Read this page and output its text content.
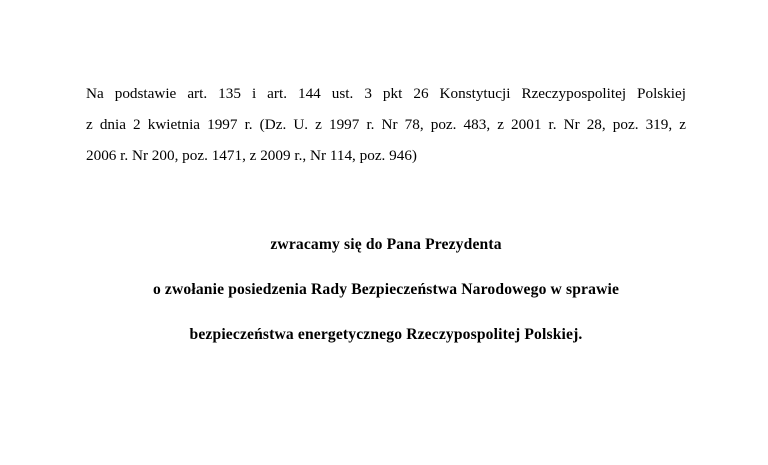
Na podstawie art. 135 i art. 144 ust. 3 pkt 26 Konstytucji Rzeczypospolitej Polskiej
z dnia 2 kwietnia 1997 r. (Dz. U. z 1997 r. Nr 78, poz. 483, z 2001 r. Nr 28, poz. 319, z
2006 r. Nr 200, poz. 1471, z 2009 r., Nr 114, poz. 946)

zwracamy się do Pana Prezydenta
o zwołanie posiedzenia Rady Bezpieczeństwa Narodowego w sprawie
bezpieczeństwa energetycznego Rzeczypospolitej Polskiej.
